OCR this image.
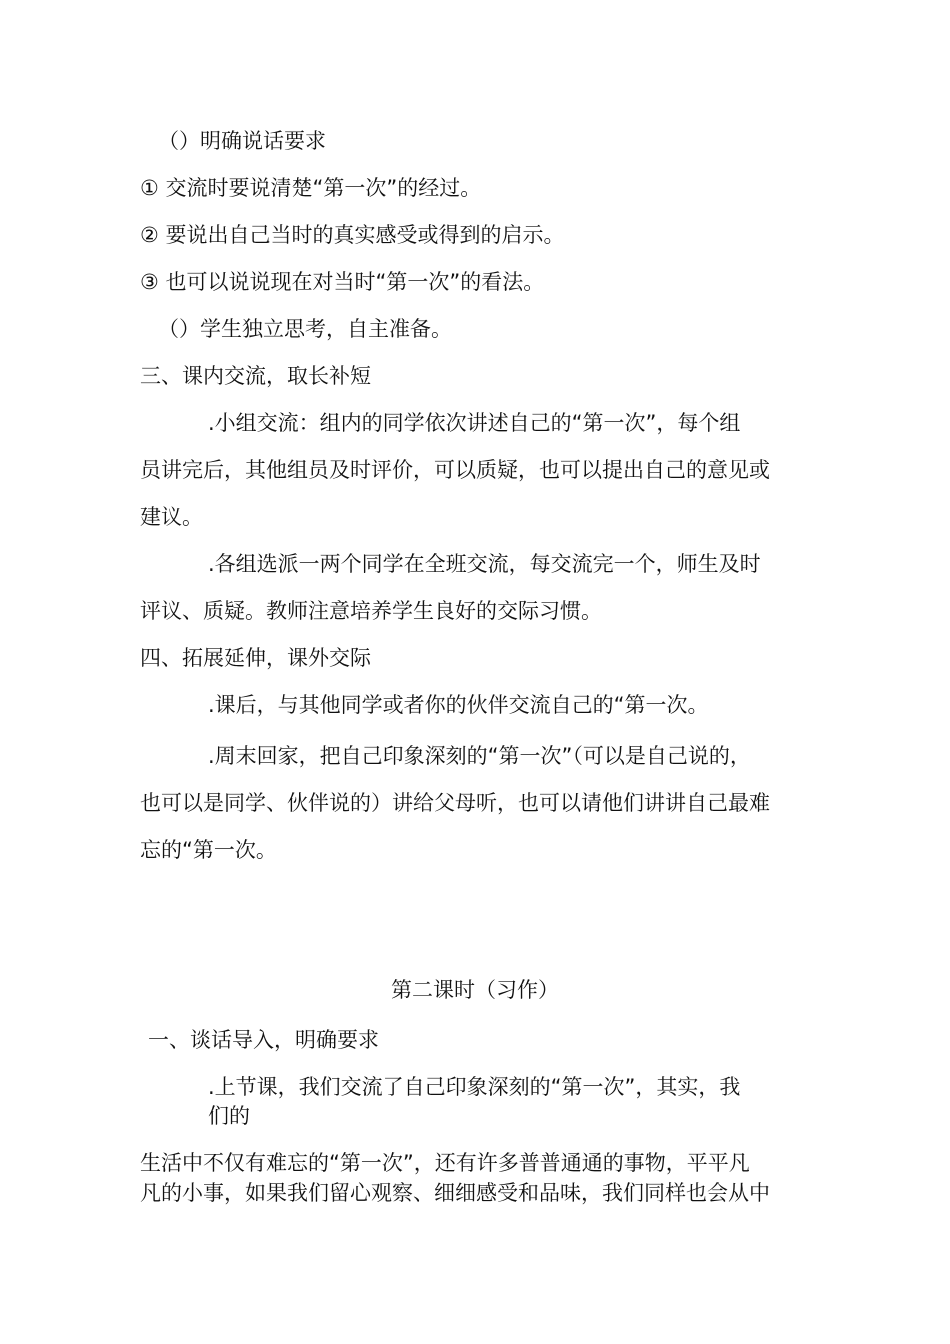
（）明确说话要求
① 交流时要说清楚“第一次”的经过。
② 要说出自己当时的真实感受或得到的启示。
③ 也可以说说现在对当时“第一次”的看法。
（）学生独立思考，自主准备。
三、课内交流，取长补短
.小组交流：组内的同学依次讲述自己的“第一次”，每个组
员讲完后，其他组员及时评价，可以质疑，也可以提出自己的意见或
建议。
.各组选派一两个同学在全班交流，每交流完一个，师生及时
评议、质疑。教师注意培养学生良好的交际习惯。
四、拓展延伸，课外交际
.课后，与其他同学或者你的伙伴交流自己的“第一次。
.周末回家，把自己印象深刻的“第一次”（可以是自己说的，
也可以是同学、伙伴说的）讲给父母听，也可以请他们讲讲自己最难
忘的“第一次。
第二课时（习作）
一、谈话导入，明确要求
.上节课，我们交流了自己印象深刻的“第一次”，其实，我
们的
生活中不仅有难忘的“第一次”，还有许多普普通通的事物，平平凡
凡的小事，如果我们留心观察、细细感受和品味，我们同样也会从中
